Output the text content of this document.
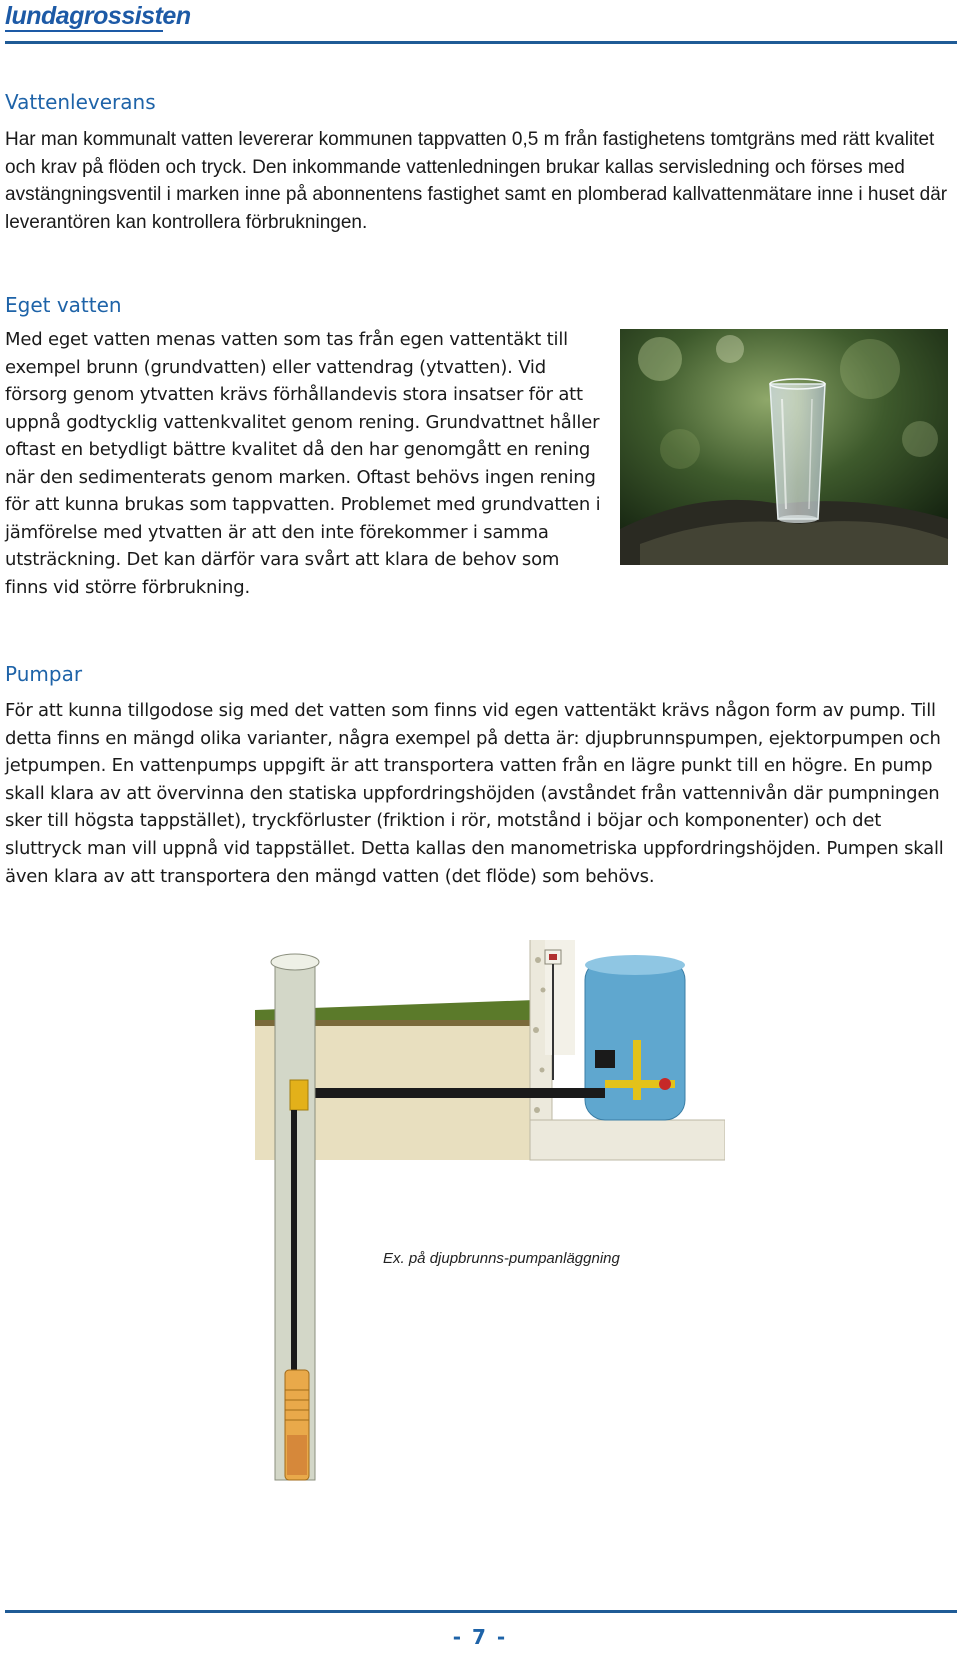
lundagrossisten
Vattenleverans

Har man kommunalt vatten levererar kommunen tappvatten 0,5 m från fastighetens tomtgräns med rätt kvalitet och krav på flöden och tryck. Den inkommande vattenledningen brukar kallas servisledning och förses med avstängningsventil i marken inne på abonnentens fastighet samt en plomberad kallvattenmätare inne i huset där leverantören kan kontrollera förbrukningen.

Eget vatten

Med eget vatten menas vatten som tas från egen vattentäkt till exempel brunn (grundvatten) eller vattendrag (ytvatten). Vid försorg genom ytvatten krävs förhållandevis stora insatser för att uppnå godtycklig vattenkvalitet genom rening. Grundvattnet håller oftast en betydligt bättre kvalitet då den har genomgått en rening när den sedimenterats genom marken. Oftast behövs ingen rening för att kunna brukas som tappvatten. Problemet med grundvatten i jämförelse med ytvatten är att den inte förekommer i samma utsträckning. Det kan därför vara svårt att klara de behov som finns vid större förbrukning.

Pumpar

För att kunna tillgodose sig med det vatten som finns vid egen vattentäkt krävs någon form av pump. Till detta finns en mängd olika varianter, några exempel på detta är: djupbrunnspumpen, ejektorpumpen och jetpumpen. En vattenpumps uppgift är att transportera vatten från en lägre punkt till en högre. En pump skall klara av att övervinna den statiska uppfordringshöjden (avståndet från vattennivån där pumpningen sker till högsta tappstället), tryckförluster (friktion i rör, motstånd i böjar och komponenter) och det sluttryck man vill uppnå vid tappstället. Detta kallas den manometriska uppfordringshöjden. Pumpen skall även klara av att transportera den mängd vatten (det flöde) som behövs.

Ex. på djupbrunns-pumpanläggning
- 7 -
